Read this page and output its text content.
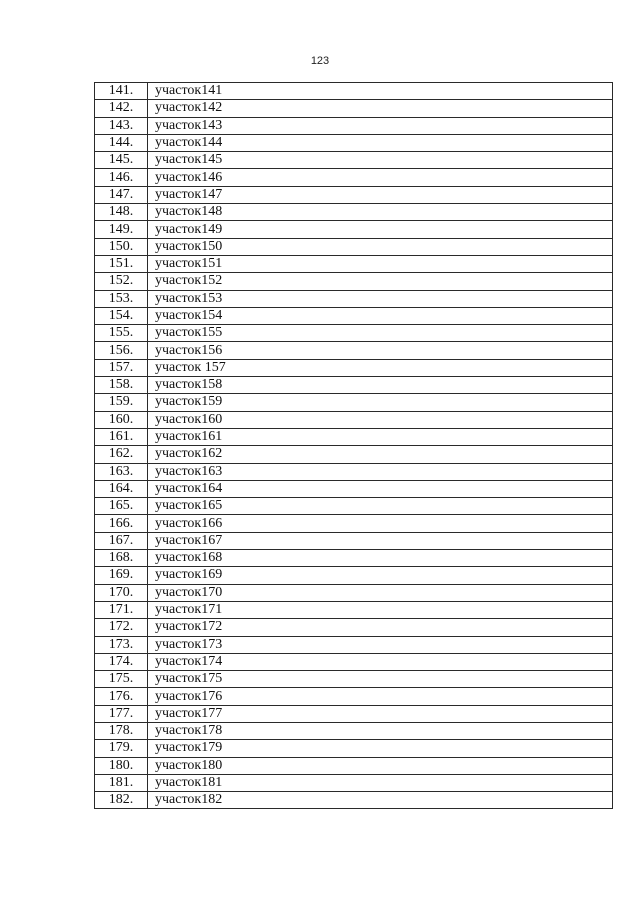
123
141.	участок141
142.	участок142
143.	участок143
144.	участок144
145.	участок145
146.	участок146
147.	участок147
148.	участок148
149.	участок149
150.	участок150
151.	участок151
152.	участок152
153.	участок153
154.	участок154
155.	участок155
156.	участок156
157.	участок 157
158.	участок158
159.	участок159
160.	участок160
161.	участок161
162.	участок162
163.	участок163
164.	участок164
165.	участок165
166.	участок166
167.	участок167
168.	участок168
169.	участок169
170.	участок170
171.	участок171
172.	участок172
173.	участок173
174.	участок174
175.	участок175
176.	участок176
177.	участок177
178.	участок178
179.	участок179
180.	участок180
181.	участок181
182.	участок182
